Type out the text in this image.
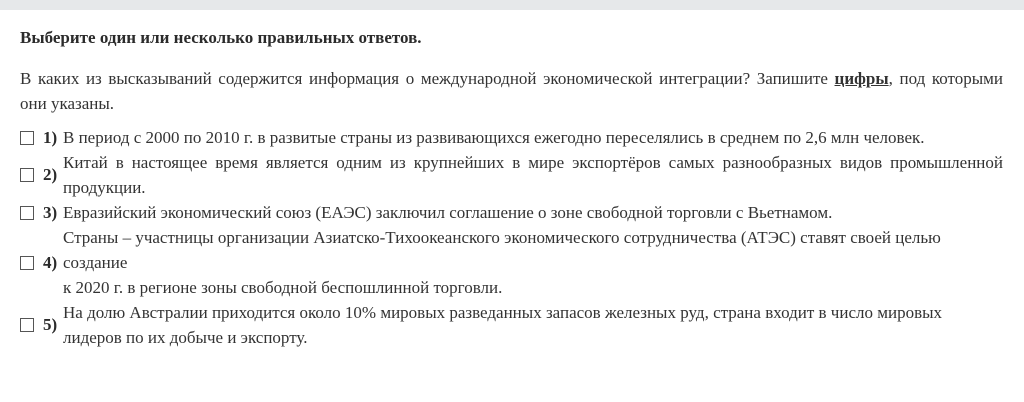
Выберите один или несколько правильных ответов.

В каких из высказываний содержится информация о международной экономической интеграции? Запишите цифры, под которыми они указаны.

1) В период с 2000 по 2010 г. в развитые страны из развивающихся ежегодно переселялись в среднем по 2,6 млн человек.
2)
Китай в настоящее время является одним из крупнейших в мире экспортёров самых разнообразных видов промышленной продукции.
3) Евразийский экономический союз (ЕАЭС) заключил соглашение о зоне свободной торговли с Вьетнамом.
4)
Страны – участницы организации Азиатско-Тихоокеанского экономического сотрудничества (АТЭС) ставят своей целью
создание
к 2020 г. в регионе зоны свободной беспошлинной торговли.
5)
На долю Австралии приходится около 10% мировых разведанных запасов железных руд, страна входит в число мировых
лидеров по их добыче и экспорту.
